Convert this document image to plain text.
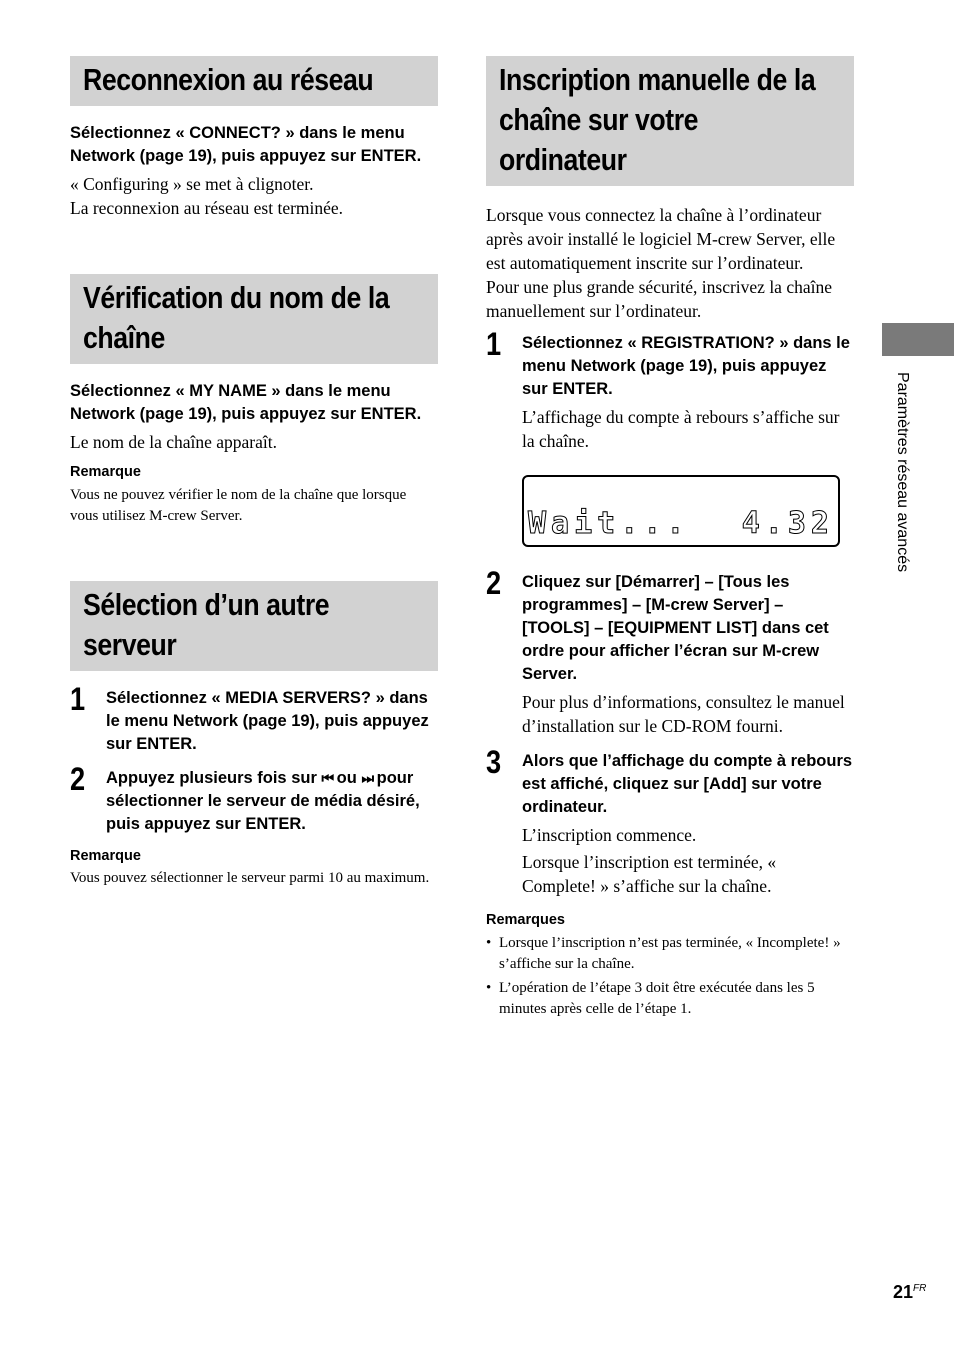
Reconnexion au réseau

Sélectionnez « CONNECT? » dans le menu Network (page 19), puis appuyez sur ENTER.

« Configuring » se met à clignoter.

La reconnexion au réseau est terminée.

Vérification du nom de la
chaîne

Sélectionnez « MY NAME » dans le menu Network (page 19), puis appuyez sur ENTER.

Le nom de la chaîne apparaît.

Remarque

Vous ne pouvez vérifier le nom de la chaîne que lorsque vous utilisez M-crew Server.

Sélection d’un autre
serveur
1 Sélectionnez « MEDIA SERVERS? » dans le menu Network (page 19), puis appuyez sur ENTER.

2 Appuyez plusieurs fois sur ⏮ ou ⏭ pour sélectionner le serveur de média désiré, puis appuyez sur ENTER.

Remarque

Vous pouvez sélectionner le serveur parmi 10 au maximum.

Inscription manuelle de la
chaîne sur votre
ordinateur

Lorsque vous connectez la chaîne à l’ordinateur après avoir installé le logiciel M-crew Server, elle est automatiquement inscrite sur l’ordinateur.

Pour une plus grande sécurité, inscrivez la chaîne manuellement sur l’ordinateur.

1 Sélectionnez « REGISTRATION? » dans le menu Network (page 19), puis appuyez sur ENTER.

L’affichage du compte à rebours s’affiche sur la chaîne.

Wait... 4.32
2 Cliquez sur [Démarrer] – [Tous les programmes] – [M-crew Server] – [TOOLS] – [EQUIPMENT LIST] dans cet ordre pour afficher l’écran sur M-crew Server.

Pour plus d’informations, consultez le manuel d’installation sur le CD-ROM fourni.

3 Alors que l’affichage du compte à rebours est affiché, cliquez sur [Add] sur votre ordinateur.

L’inscription commence.

Lorsque l’inscription est terminée, « Complete! » s’affiche sur la chaîne.

Remarques

• Lorsque l’inscription n’est pas terminée, « Incomplete! » s’affiche sur la chaîne.
• L’opération de l’étape 3 doit être exécutée dans les 5 minutes après celle de l’étape 1.
Paramètres réseau avancés
$21^{FR}$
